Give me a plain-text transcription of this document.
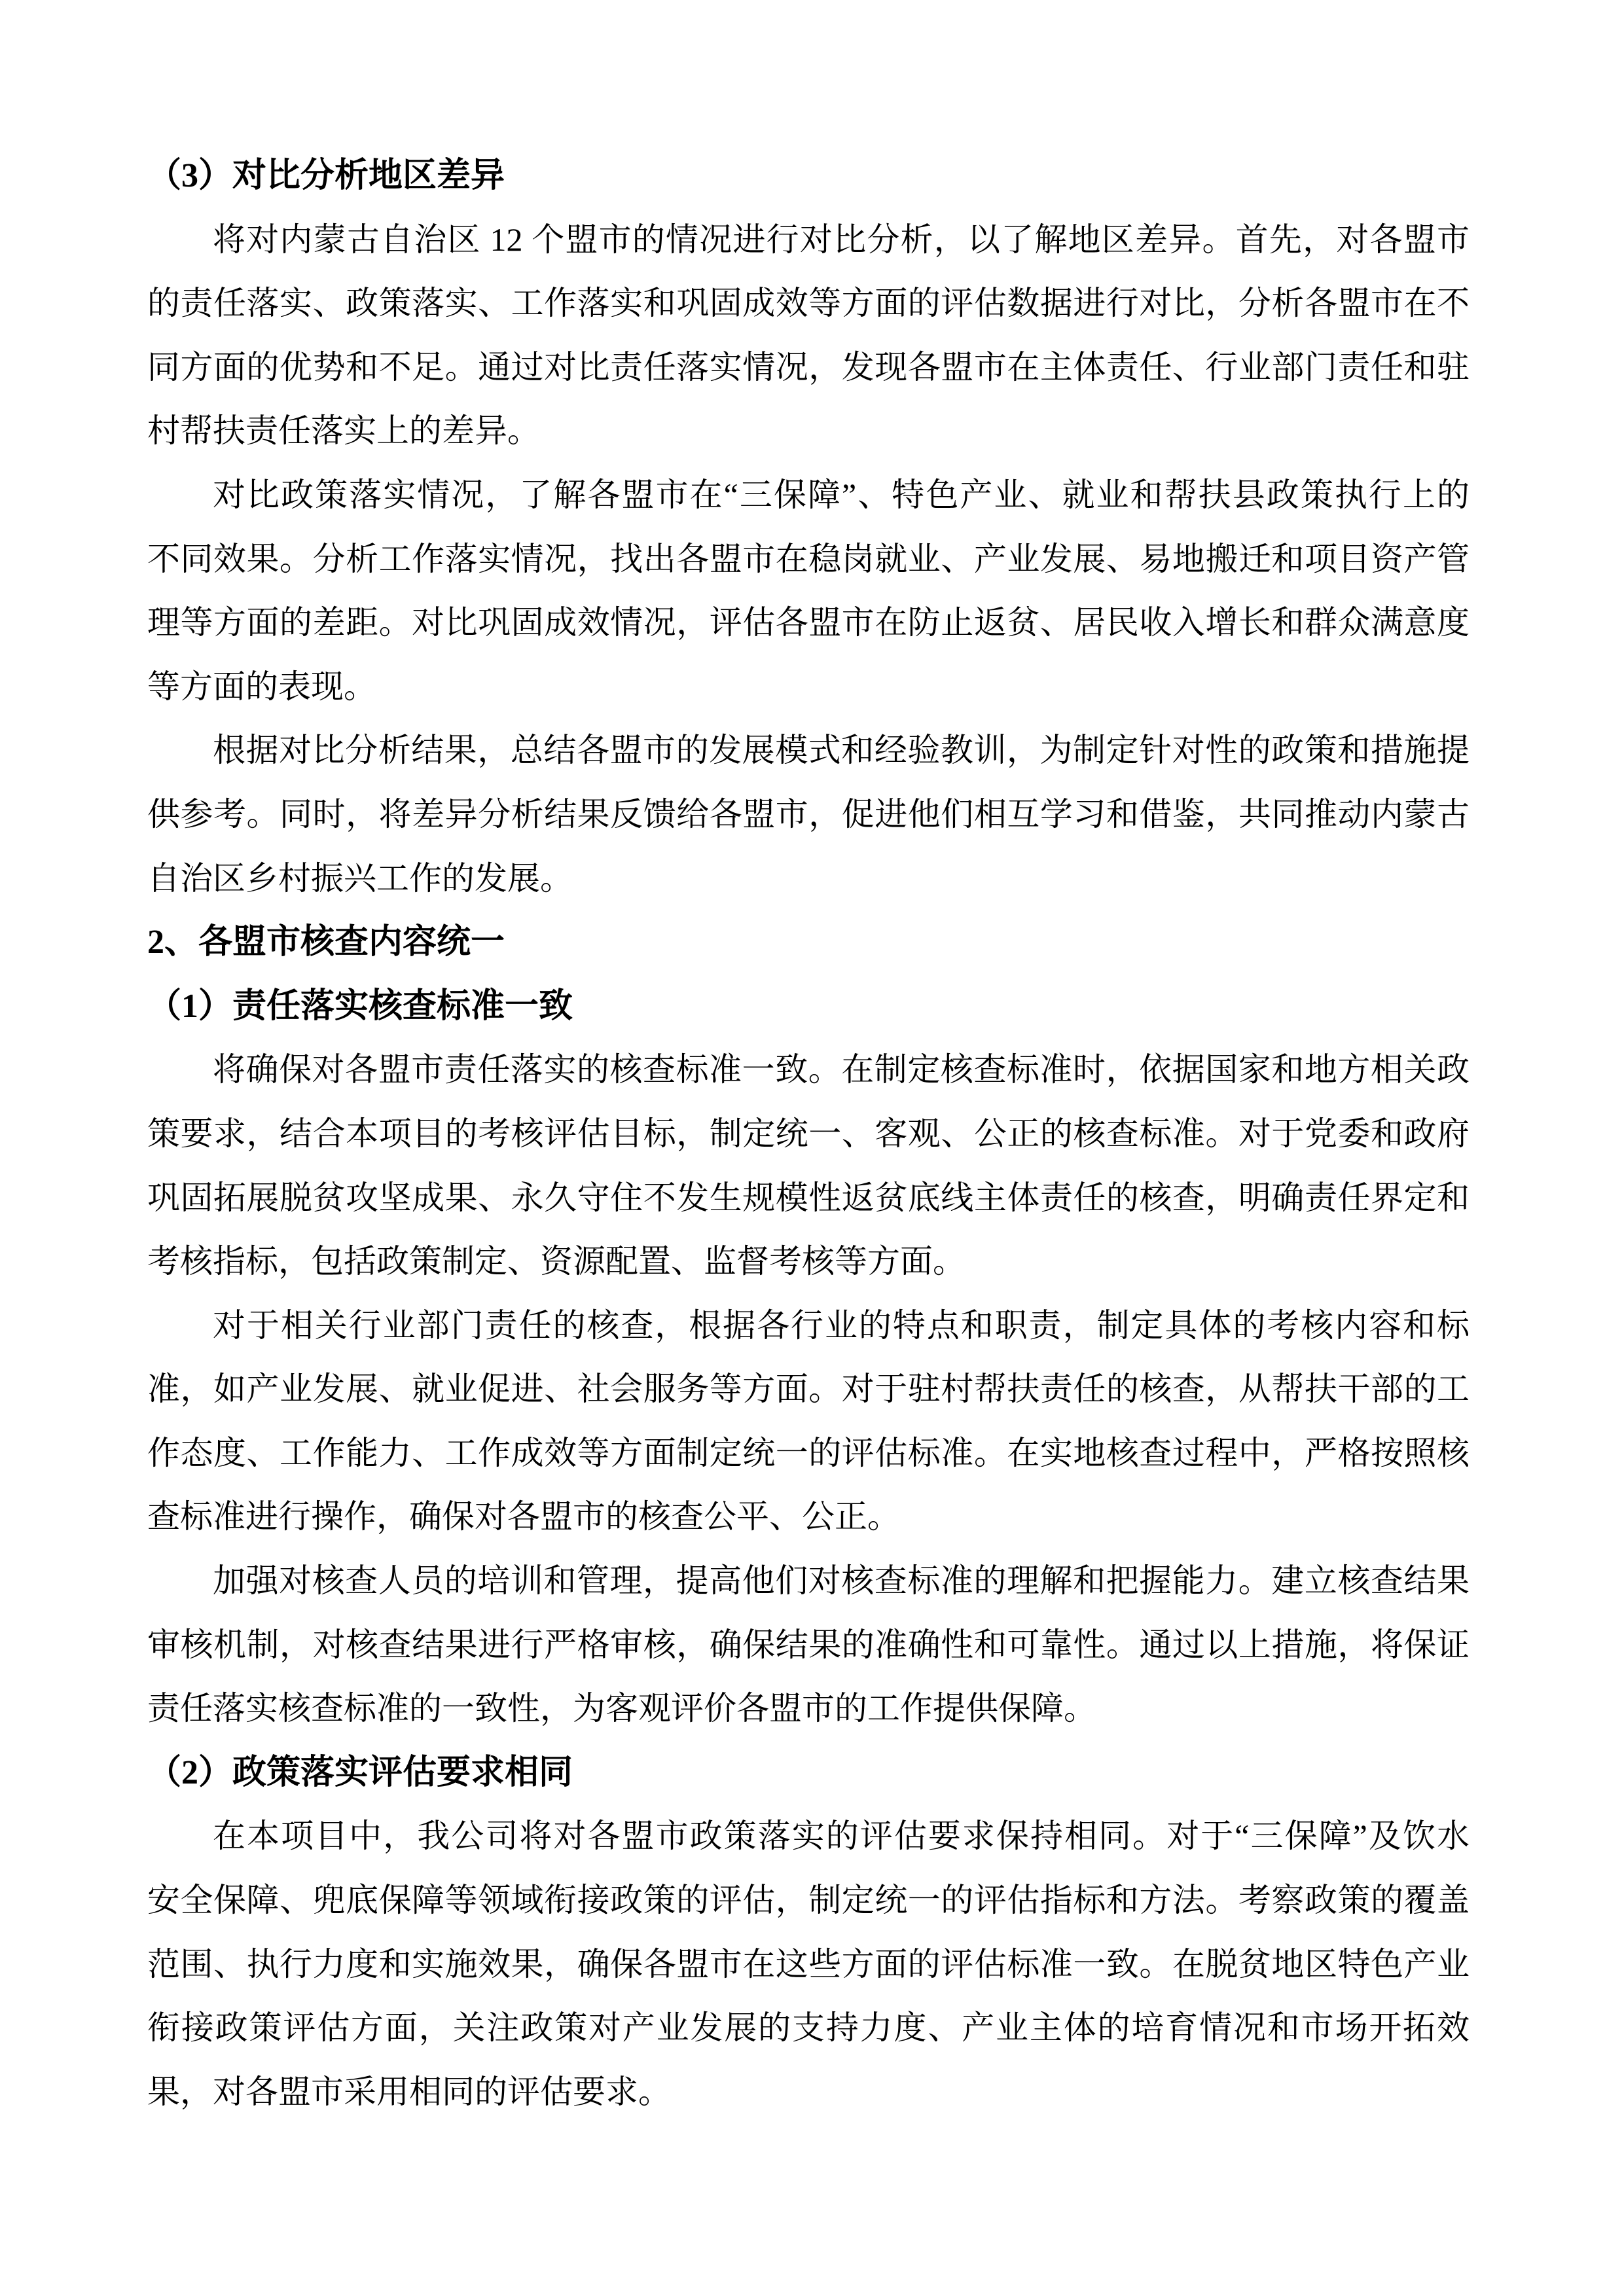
（3）对比分析地区差异
将对内蒙古自治区 12 个盟市的情况进行对比分析，以了解地区差异。首先，对各盟市
的责任落实、政策落实、工作落实和巩固成效等方面的评估数据进行对比，分析各盟市在不
同方面的优势和不足。通过对比责任落实情况，发现各盟市在主体责任、行业部门责任和驻
村帮扶责任落实上的差异。
对比政策落实情况，了解各盟市在“三保障”、特色产业、就业和帮扶县政策执行上的
不同效果。分析工作落实情况，找出各盟市在稳岗就业、产业发展、易地搬迁和项目资产管
理等方面的差距。对比巩固成效情况，评估各盟市在防止返贫、居民收入增长和群众满意度
等方面的表现。
根据对比分析结果，总结各盟市的发展模式和经验教训，为制定针对性的政策和措施提
供参考。同时，将差异分析结果反馈给各盟市，促进他们相互学习和借鉴，共同推动内蒙古
自治区乡村振兴工作的发展。
2、各盟市核查内容统一
（1）责任落实核查标准一致
将确保对各盟市责任落实的核查标准一致。在制定核查标准时，依据国家和地方相关政
策要求，结合本项目的考核评估目标，制定统一、客观、公正的核查标准。对于党委和政府
巩固拓展脱贫攻坚成果、永久守住不发生规模性返贫底线主体责任的核查，明确责任界定和
考核指标，包括政策制定、资源配置、监督考核等方面。
对于相关行业部门责任的核查，根据各行业的特点和职责，制定具体的考核内容和标
准，如产业发展、就业促进、社会服务等方面。对于驻村帮扶责任的核查，从帮扶干部的工
作态度、工作能力、工作成效等方面制定统一的评估标准。在实地核查过程中，严格按照核
查标准进行操作，确保对各盟市的核查公平、公正。
加强对核查人员的培训和管理，提高他们对核查标准的理解和把握能力。建立核查结果
审核机制，对核查结果进行严格审核，确保结果的准确性和可靠性。通过以上措施，将保证
责任落实核查标准的一致性，为客观评价各盟市的工作提供保障。
（2）政策落实评估要求相同
在本项目中，我公司将对各盟市政策落实的评估要求保持相同。对于“三保障”及饮水
安全保障、兜底保障等领域衔接政策的评估，制定统一的评估指标和方法。考察政策的覆盖
范围、执行力度和实施效果，确保各盟市在这些方面的评估标准一致。在脱贫地区特色产业
衔接政策评估方面，关注政策对产业发展的支持力度、产业主体的培育情况和市场开拓效
果，对各盟市采用相同的评估要求。
